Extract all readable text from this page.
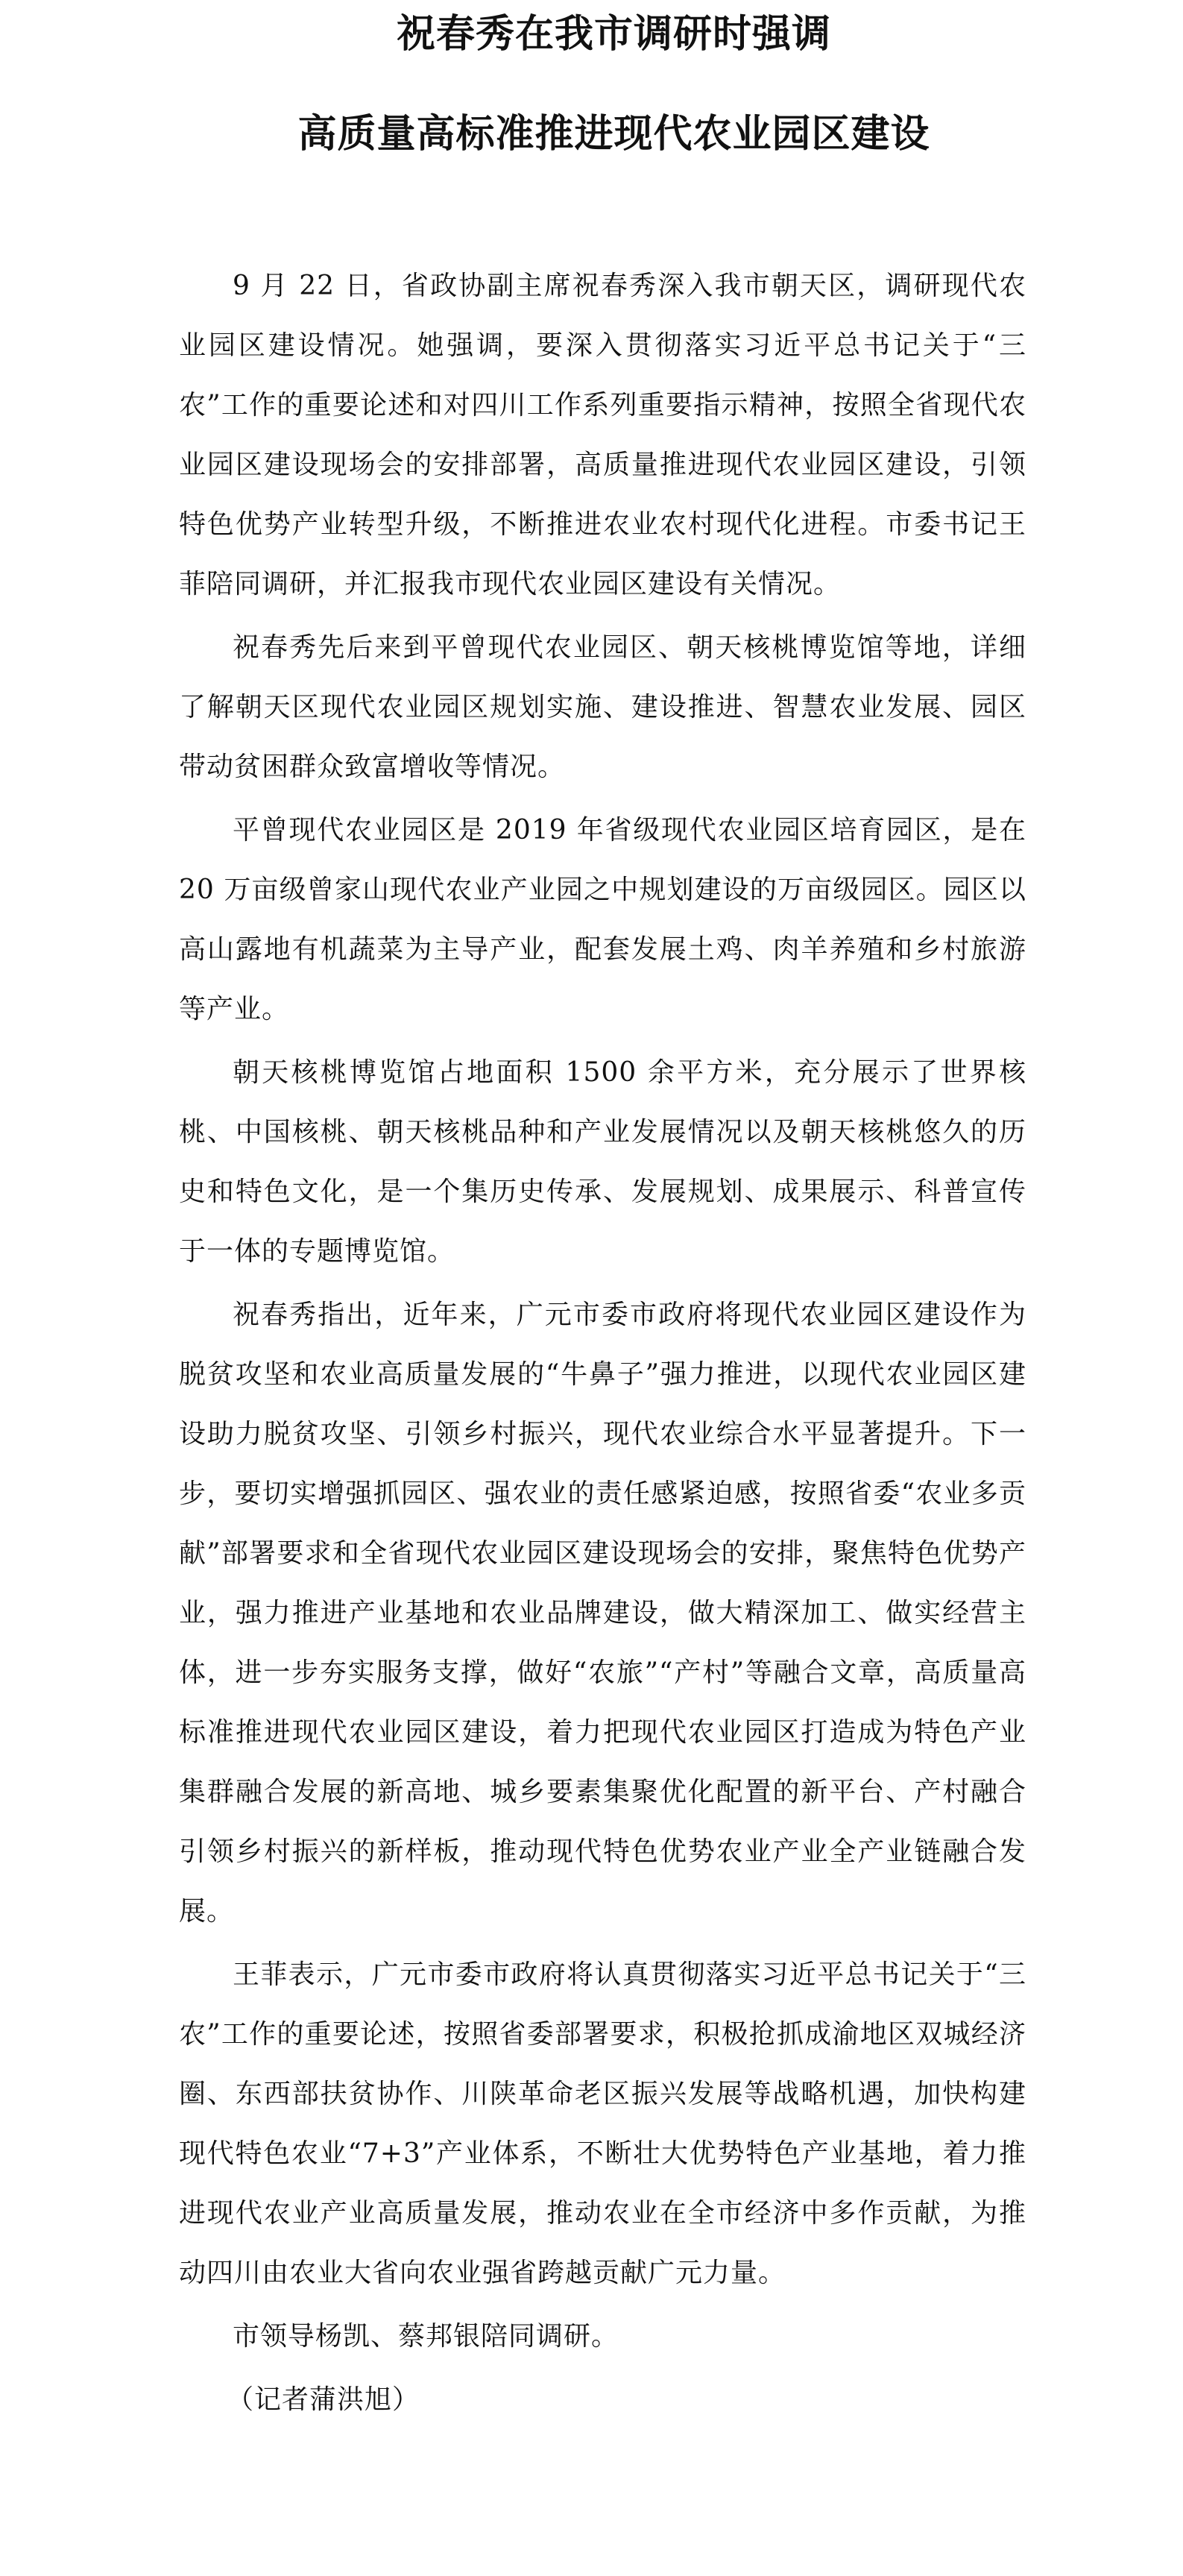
祝春秀在我市调研时强调
高质量高标准推进现代农业园区建设

9 月 22 日，省政协副主席祝春秀深入我市朝天区，调研现代农业园区建设情况。她强调，要深入贯彻落实习近平总书记关于“三农”工作的重要论述和对四川工作系列重要指示精神，按照全省现代农业园区建设现场会的安排部署，高质量推进现代农业园区建设，引领特色优势产业转型升级，不断推进农业农村现代化进程。市委书记王菲陪同调研，并汇报我市现代农业园区建设有关情况。

祝春秀先后来到平曾现代农业园区、朝天核桃博览馆等地，详细了解朝天区现代农业园区规划实施、建设推进、智慧农业发展、园区带动贫困群众致富增收等情况。

平曾现代农业园区是 2019 年省级现代农业园区培育园区，是在 20 万亩级曾家山现代农业产业园之中规划建设的万亩级园区。园区以高山露地有机蔬菜为主导产业，配套发展土鸡、肉羊养殖和乡村旅游等产业。

朝天核桃博览馆占地面积 1500 余平方米，充分展示了世界核桃、中国核桃、朝天核桃品种和产业发展情况以及朝天核桃悠久的历史和特色文化，是一个集历史传承、发展规划、成果展示、科普宣传于一体的专题博览馆。

祝春秀指出，近年来，广元市委市政府将现代农业园区建设作为脱贫攻坚和农业高质量发展的“牛鼻子”强力推进，以现代农业园区建设助力脱贫攻坚、引领乡村振兴，现代农业综合水平显著提升。下一步，要切实增强抓园区、强农业的责任感紧迫感，按照省委“农业多贡献”部署要求和全省现代农业园区建设现场会的安排，聚焦特色优势产业，强力推进产业基地和农业品牌建设，做大精深加工、做实经营主体，进一步夯实服务支撑，做好“农旅”“产村”等融合文章，高质量高标准推进现代农业园区建设，着力把现代农业园区打造成为特色产业集群融合发展的新高地、城乡要素集聚优化配置的新平台、产村融合引领乡村振兴的新样板，推动现代特色优势农业产业全产业链融合发展。

王菲表示，广元市委市政府将认真贯彻落实习近平总书记关于“三农”工作的重要论述，按照省委部署要求，积极抢抓成渝地区双城经济圈、东西部扶贫协作、川陕革命老区振兴发展等战略机遇，加快构建现代特色农业“7+3”产业体系，不断壮大优势特色产业基地，着力推进现代农业产业高质量发展，推动农业在全市经济中多作贡献，为推动四川由农业大省向农业强省跨越贡献广元力量。

市领导杨凯、蔡邦银陪同调研。

（记者蒲洪旭）
